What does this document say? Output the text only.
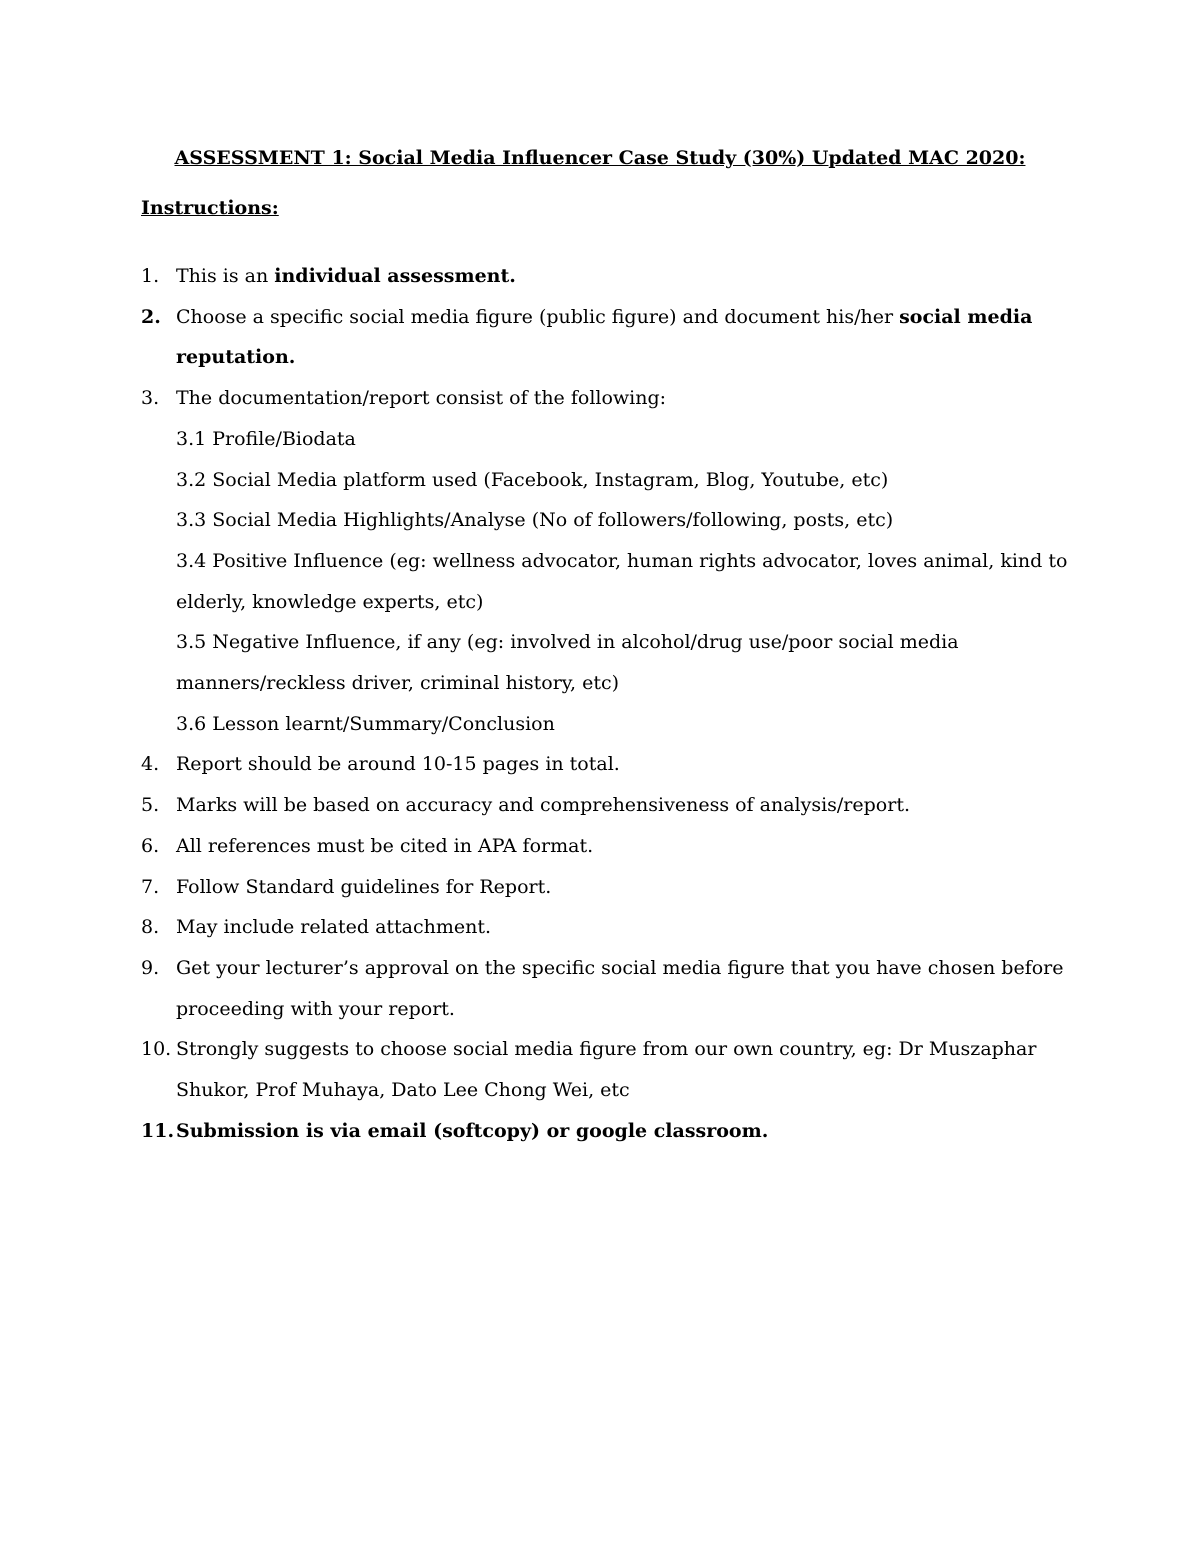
ASSESSMENT 1: Social Media Influencer Case Study (30%) Updated MAC 2020:
Instructions:
1. This is an individual assessment.
2. Choose a specific social media figure (public figure) and document his/her social media
reputation.
3. The documentation/report consist of the following:
3.1 Profile/Biodata
3.2 Social Media platform used (Facebook, Instagram, Blog, Youtube, etc)
3.3 Social Media Highlights/Analyse (No of followers/following, posts, etc)
3.4 Positive Influence (eg: wellness advocator, human rights advocator, loves animal, kind to
elderly, knowledge experts, etc)
3.5 Negative Influence, if any (eg: involved in alcohol/drug use/poor social media
manners/reckless driver, criminal history, etc)
3.6 Lesson learnt/Summary/Conclusion
4. Report should be around 10-15 pages in total.
5. Marks will be based on accuracy and comprehensiveness of analysis/report.
6. All references must be cited in APA format.
7. Follow Standard guidelines for Report.
8. May include related attachment.
9. Get your lecturer’s approval on the specific social media figure that you have chosen before
proceeding with your report.
10. Strongly suggests to choose social media figure from our own country, eg: Dr Muszaphar
Shukor, Prof Muhaya, Dato Lee Chong Wei, etc
11. Submission is via email (softcopy) or google classroom.
